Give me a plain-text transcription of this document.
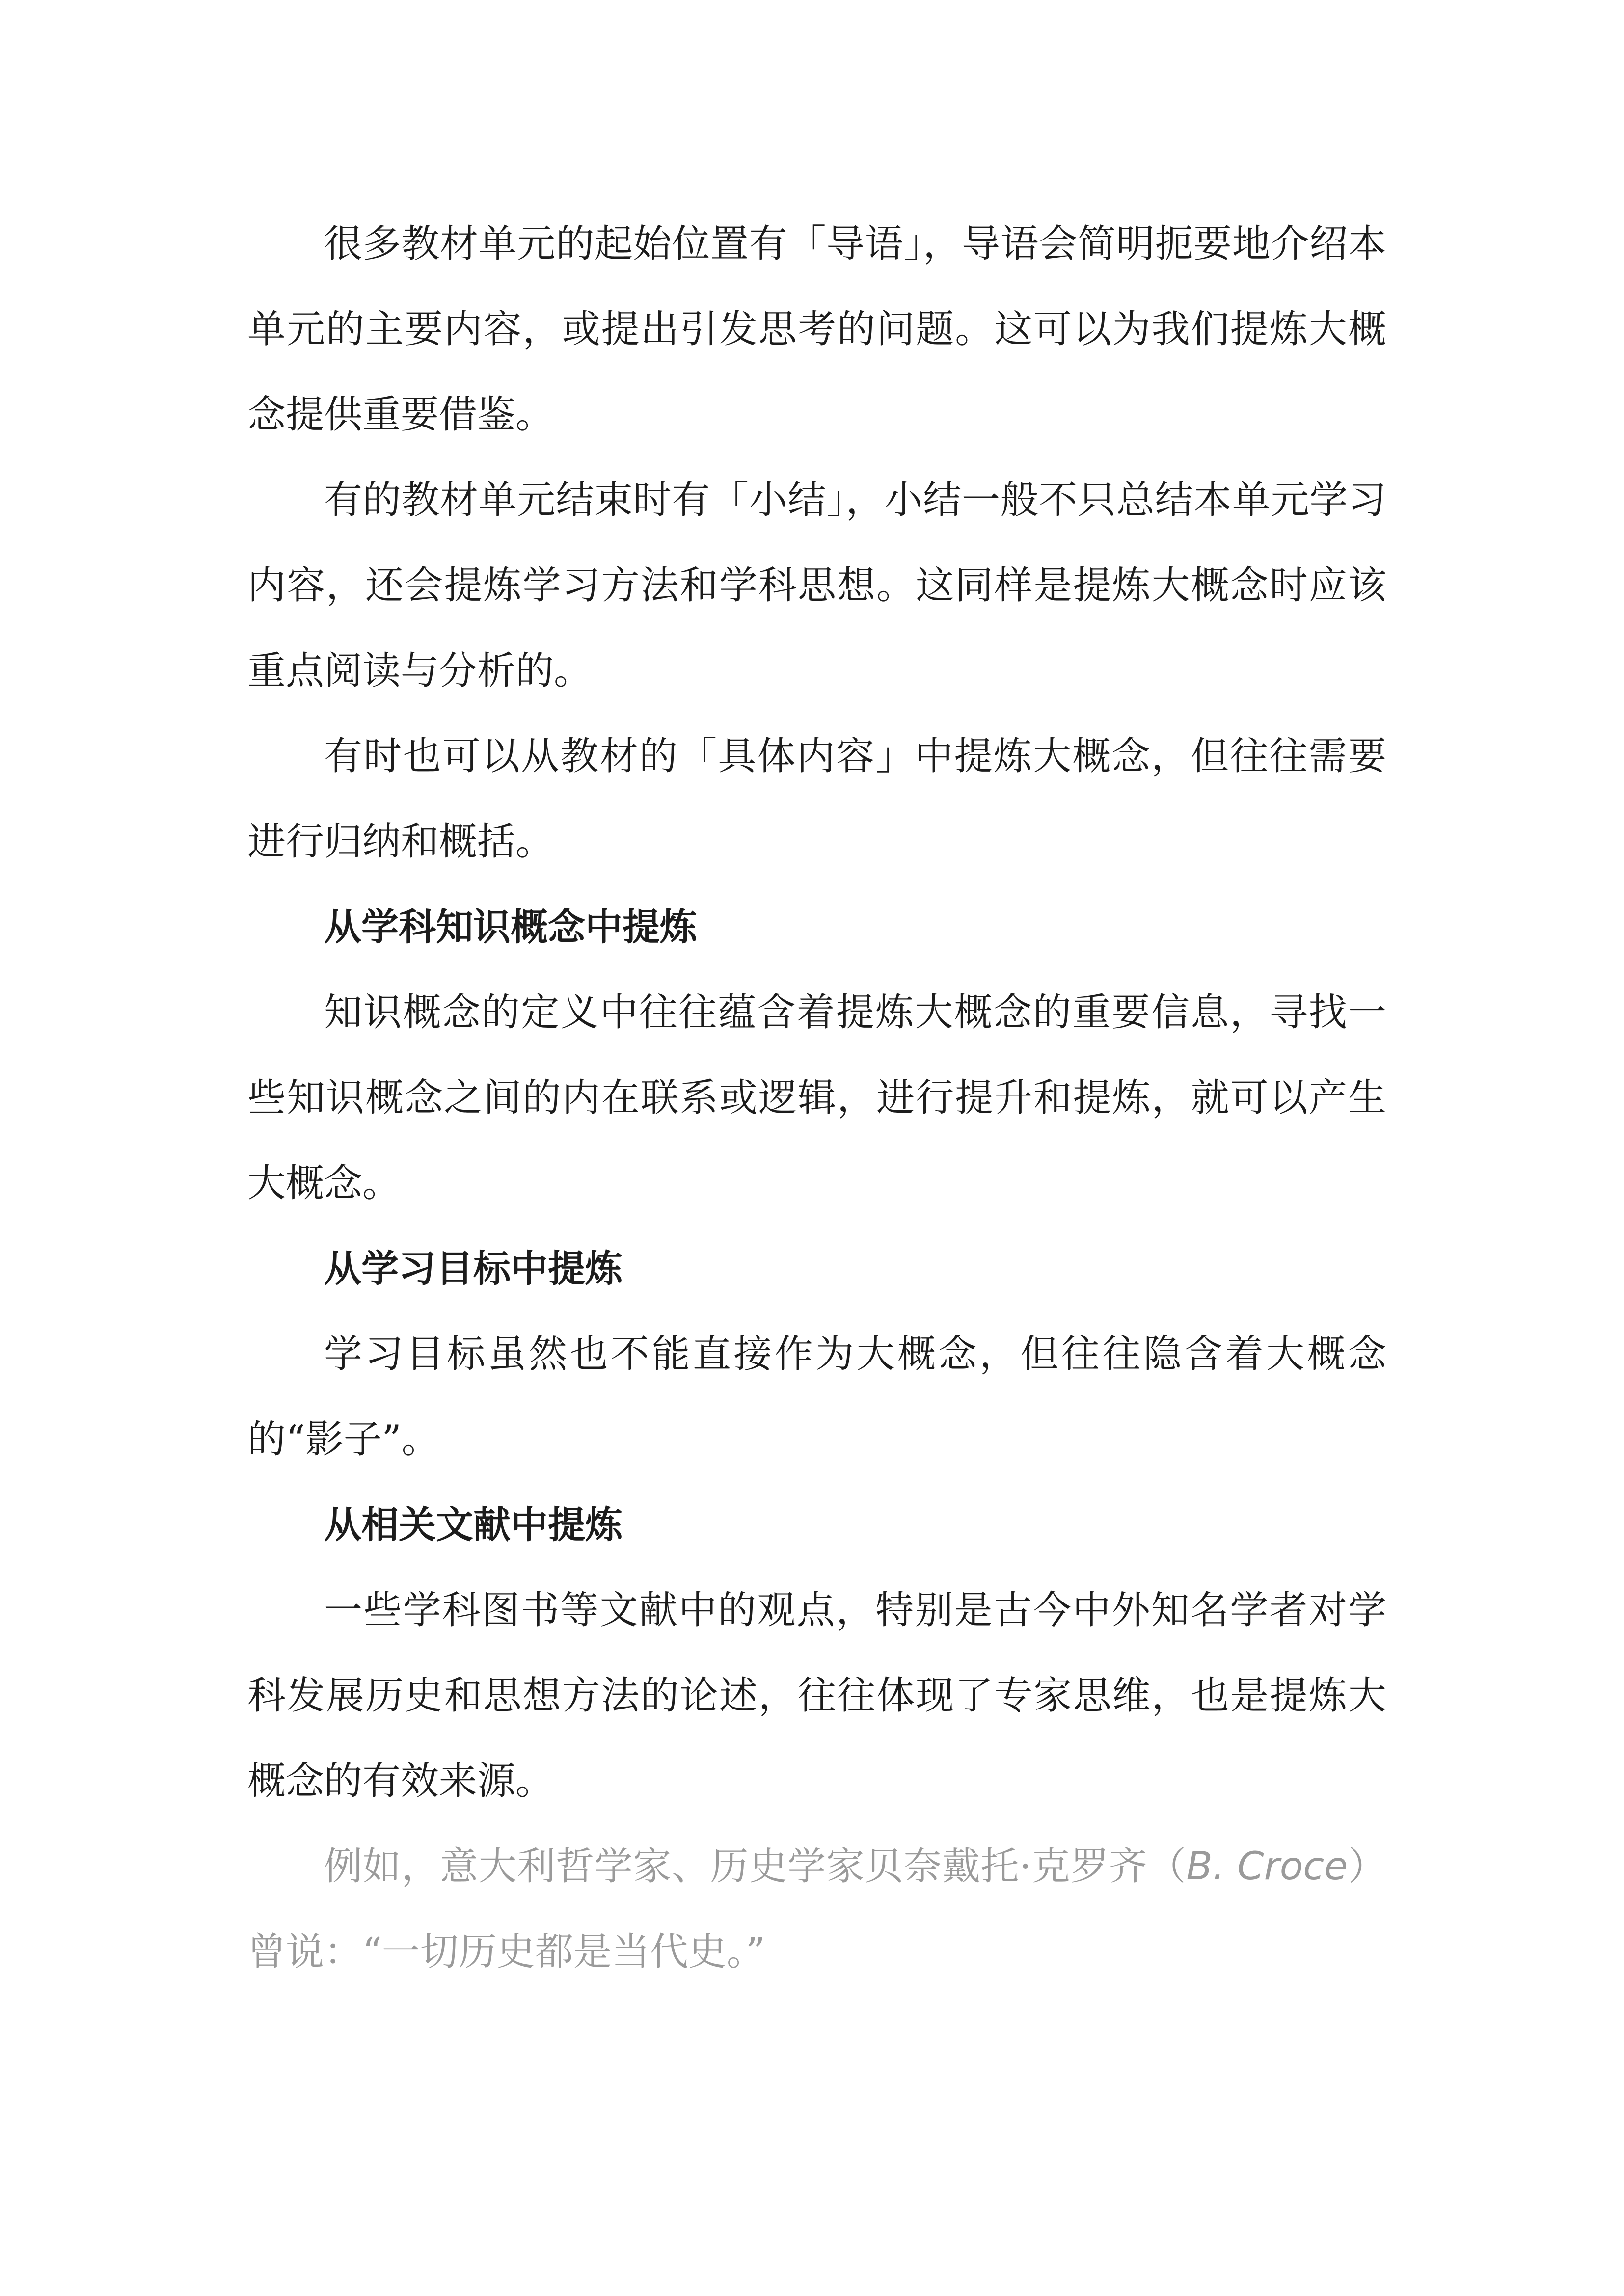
很多教材单元的起始位置有「导语」，导语会简明扼要地介绍本单元的主要内容，或提出引发思考的问题。这可以为我们提炼大概念提供重要借鉴。

有的教材单元结束时有「小结」，小结一般不只总结本单元学习内容，还会提炼学习方法和学科思想。这同样是提炼大概念时应该重点阅读与分析的。

有时也可以从教材的「具体内容」中提炼大概念，但往往需要进行归纳和概括。

从学科知识概念中提炼

知识概念的定义中往往蕴含着提炼大概念的重要信息，寻找一些知识概念之间的内在联系或逻辑，进行提升和提炼，就可以产生大概念。

从学习目标中提炼

学习目标虽然也不能直接作为大概念，但往往隐含着大概念的“影子”。

从相关文献中提炼

一些学科图书等文献中的观点，特别是古今中外知名学者对学科发展历史和思想方法的论述，往往体现了专家思维，也是提炼大概念的有效来源。

例如，意大利哲学家、历史学家贝奈戴托·克罗齐（B. Croce）曾说：“一切历史都是当代史。”
